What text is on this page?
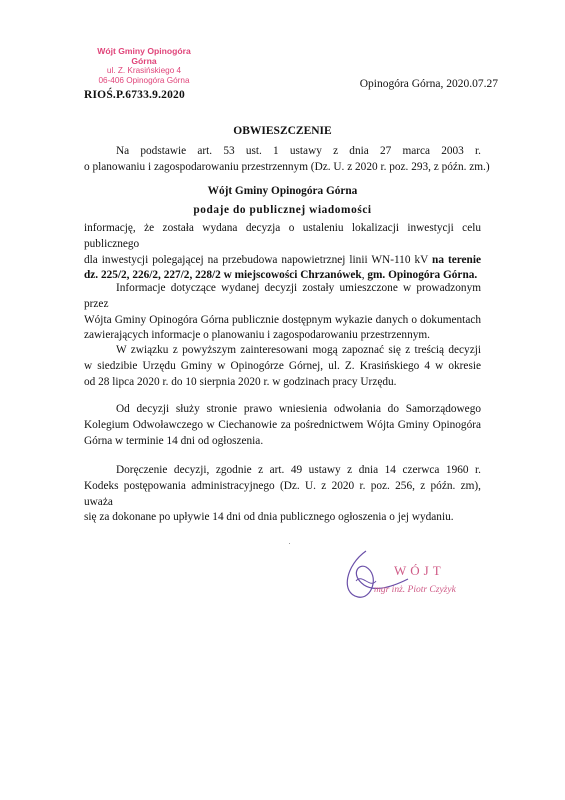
Wójt Gminy Opinogóra Górna
ul. Z. Krasińskiego 4
06-406 Opinogóra Górna	Opinogóra Górna, 2020.07.27
RIOŚ.P.6733.9.2020
OBWIESZCZENIE
Na podstawie art. 53 ust. 1 ustawy z dnia 27 marca 2003 r.
o planowaniu i zagospodarowaniu przestrzennym (Dz. U. z 2020 r. poz. 293, z późn. zm.)
Wójt Gminy Opinogóra Górna
podaje do publicznej wiadomości
informację, że została wydana decyzja o ustaleniu lokalizacji inwestycji celu publicznego
dla inwestycji polegającej na przebudowa napowietrznej linii WN-110 kV na terenie
dz. 225/2, 226/2, 227/2, 228/2 w miejscowości Chrzanówek, gm. Opinogóra Górna.
Informacje dotyczące wydanej decyzji zostały umieszczone w prowadzonym przez
Wójta Gminy Opinogóra Górna publicznie dostępnym wykazie danych o dokumentach
zawierających informacje o planowaniu i zagospodarowaniu przestrzennym.
W związku z powyższym zainteresowani mogą zapoznać się z treścią decyzji
w siedzibie Urzędu Gminy w Opinogórze Górnej, ul. Z. Krasińskiego 4 w okresie
od 28 lipca 2020 r. do 10 sierpnia 2020 r. w godzinach pracy Urzędu.
Od decyzji służy stronie prawo wniesienia odwołania do Samorządowego
Kolegium Odwoławczego w Ciechanowie za pośrednictwem Wójta Gminy Opinogóra
Górna w terminie 14 dni od ogłoszenia.
Doręczenie decyzji, zgodnie z art. 49 ustawy z dnia 14 czerwca 1960 r.
Kodeks postępowania administracyjnego (Dz. U. z 2020 r. poz. 256, z późn. zm), uważa
się za dokonane po upływie 14 dni od dnia publicznego ogłoszenia o jej wydaniu.
WÓJT
mgr inż. Piotr Czyżyk
